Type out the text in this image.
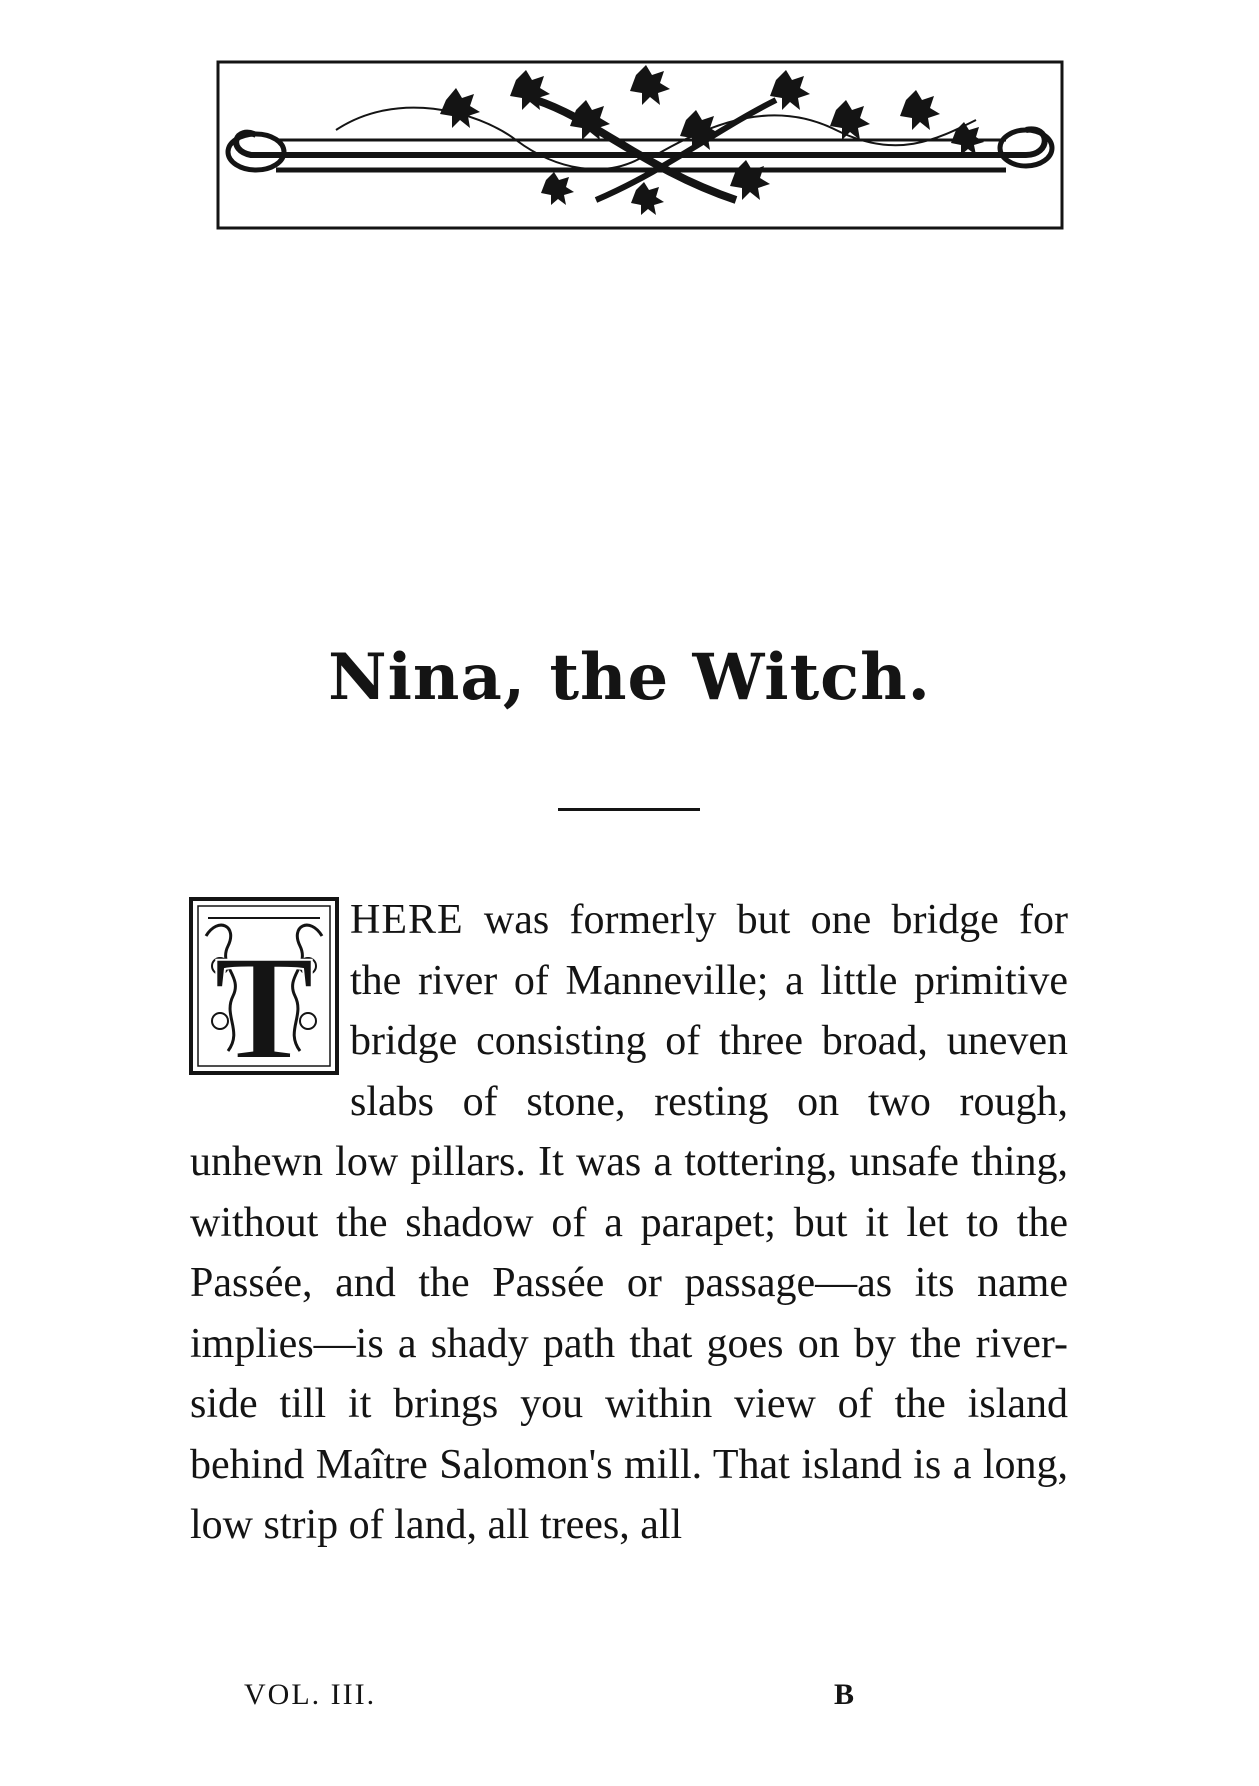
Nina, the Witch.
T

HERE was formerly but one bridge for the river of Manneville; a little primitive bridge consisting of three broad, uneven slabs of stone, resting on two rough, unhewn low pillars. It was a tottering, unsafe thing, without the shadow of a parapet; but it let to the Passée, and the Passée or passage—as its name implies—is a shady path that goes on by the river-side till it brings you within view of the island behind Maître Salomon's mill. That island is a long, low strip of land, all trees, all

VOL. III.	B
